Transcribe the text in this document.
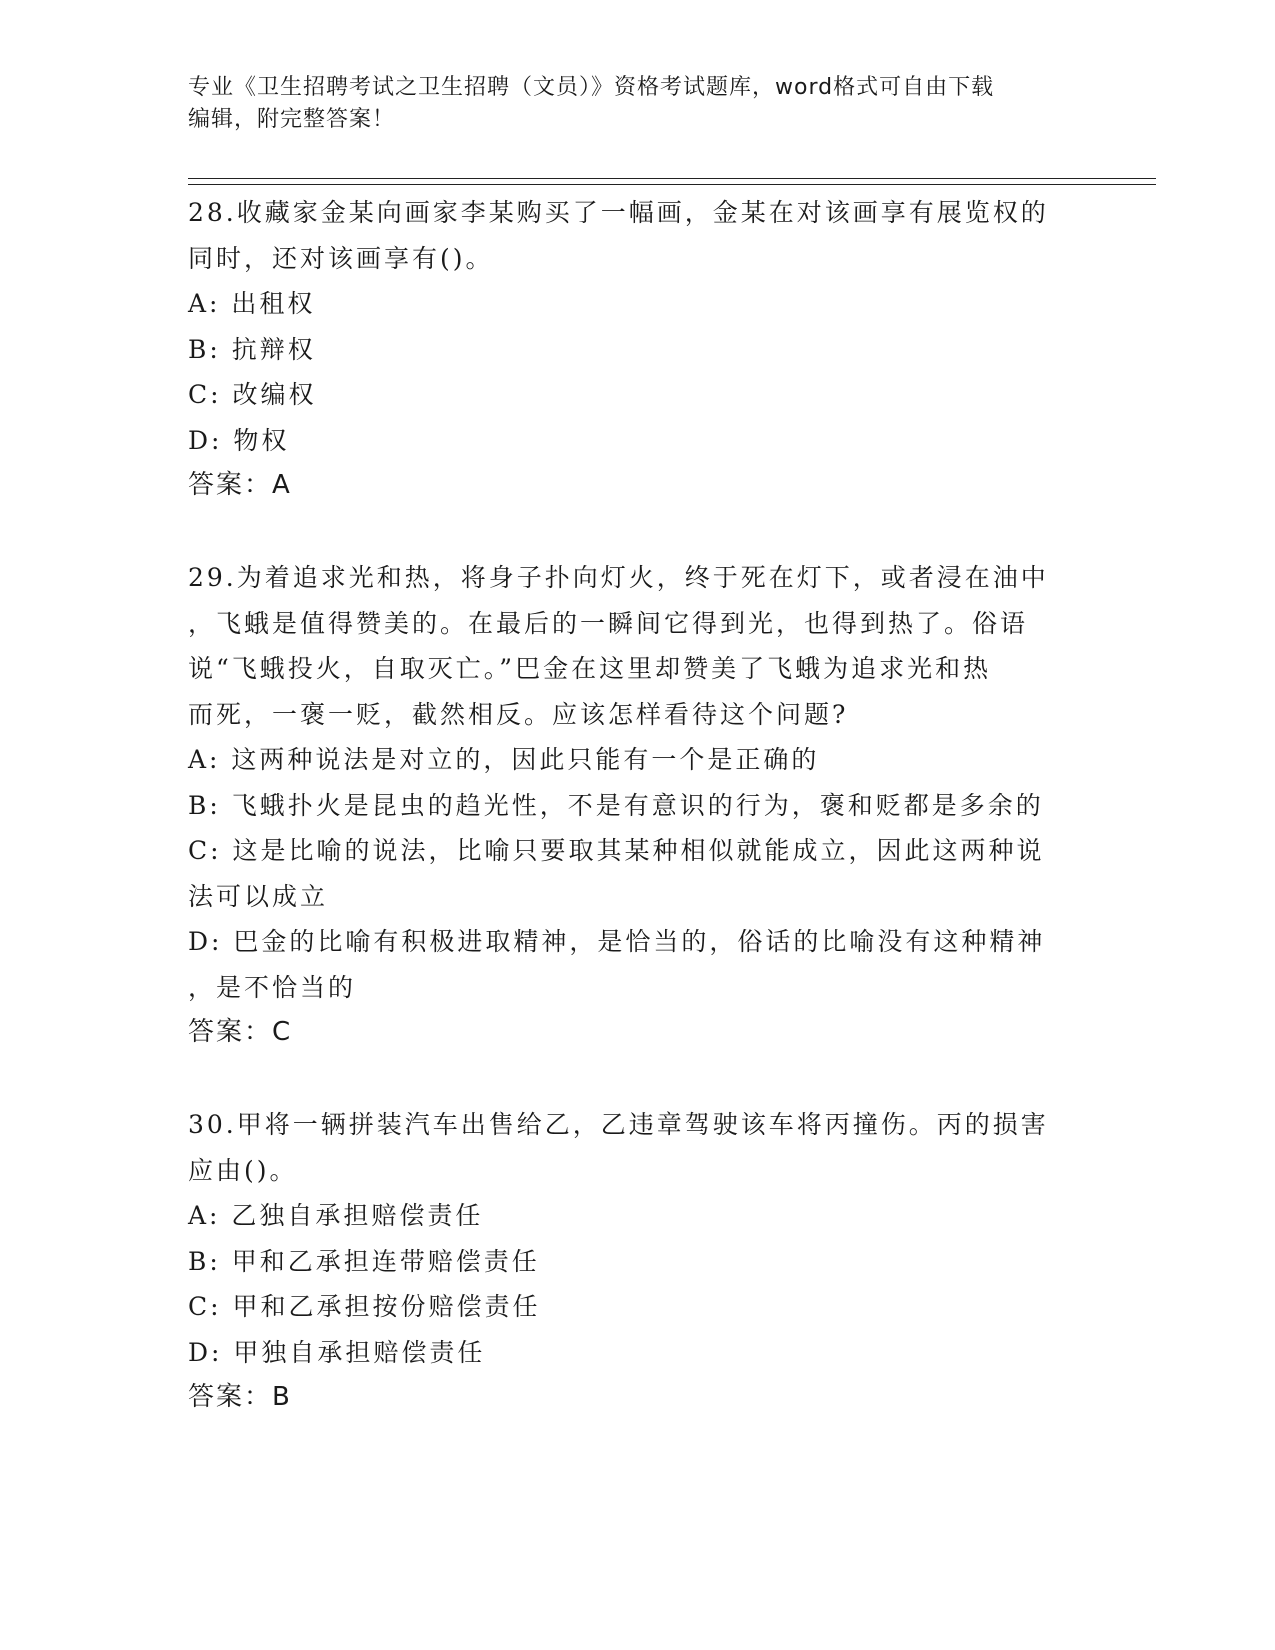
专业《卫生招聘考试之卫生招聘（文员）》资格考试题库，word格式可自由下载
编辑，附完整答案！

28.收藏家金某向画家李某购买了一幅画，金某在对该画享有展览权的

同时，还对该画享有()。

A: 出租权

B: 抗辩权

C: 改编权

D: 物权

答案：A

29.为着追求光和热，将身子扑向灯火，终于死在灯下，或者浸在油中

，飞蛾是值得赞美的。在最后的一瞬间它得到光，也得到热了。俗语

说“飞蛾投火，自取灭亡。”巴金在这里却赞美了飞蛾为追求光和热

而死，一褒一贬，截然相反。应该怎样看待这个问题?

A: 这两种说法是对立的，因此只能有一个是正确的

B: 飞蛾扑火是昆虫的趋光性，不是有意识的行为，褒和贬都是多余的

C: 这是比喻的说法，比喻只要取其某种相似就能成立，因此这两种说

法可以成立

D: 巴金的比喻有积极进取精神，是恰当的，俗话的比喻没有这种精神

，是不恰当的

答案：C

30.甲将一辆拼装汽车出售给乙，乙违章驾驶该车将丙撞伤。丙的损害

应由()。

A: 乙独自承担赔偿责任

B: 甲和乙承担连带赔偿责任

C: 甲和乙承担按份赔偿责任

D: 甲独自承担赔偿责任

答案：B
